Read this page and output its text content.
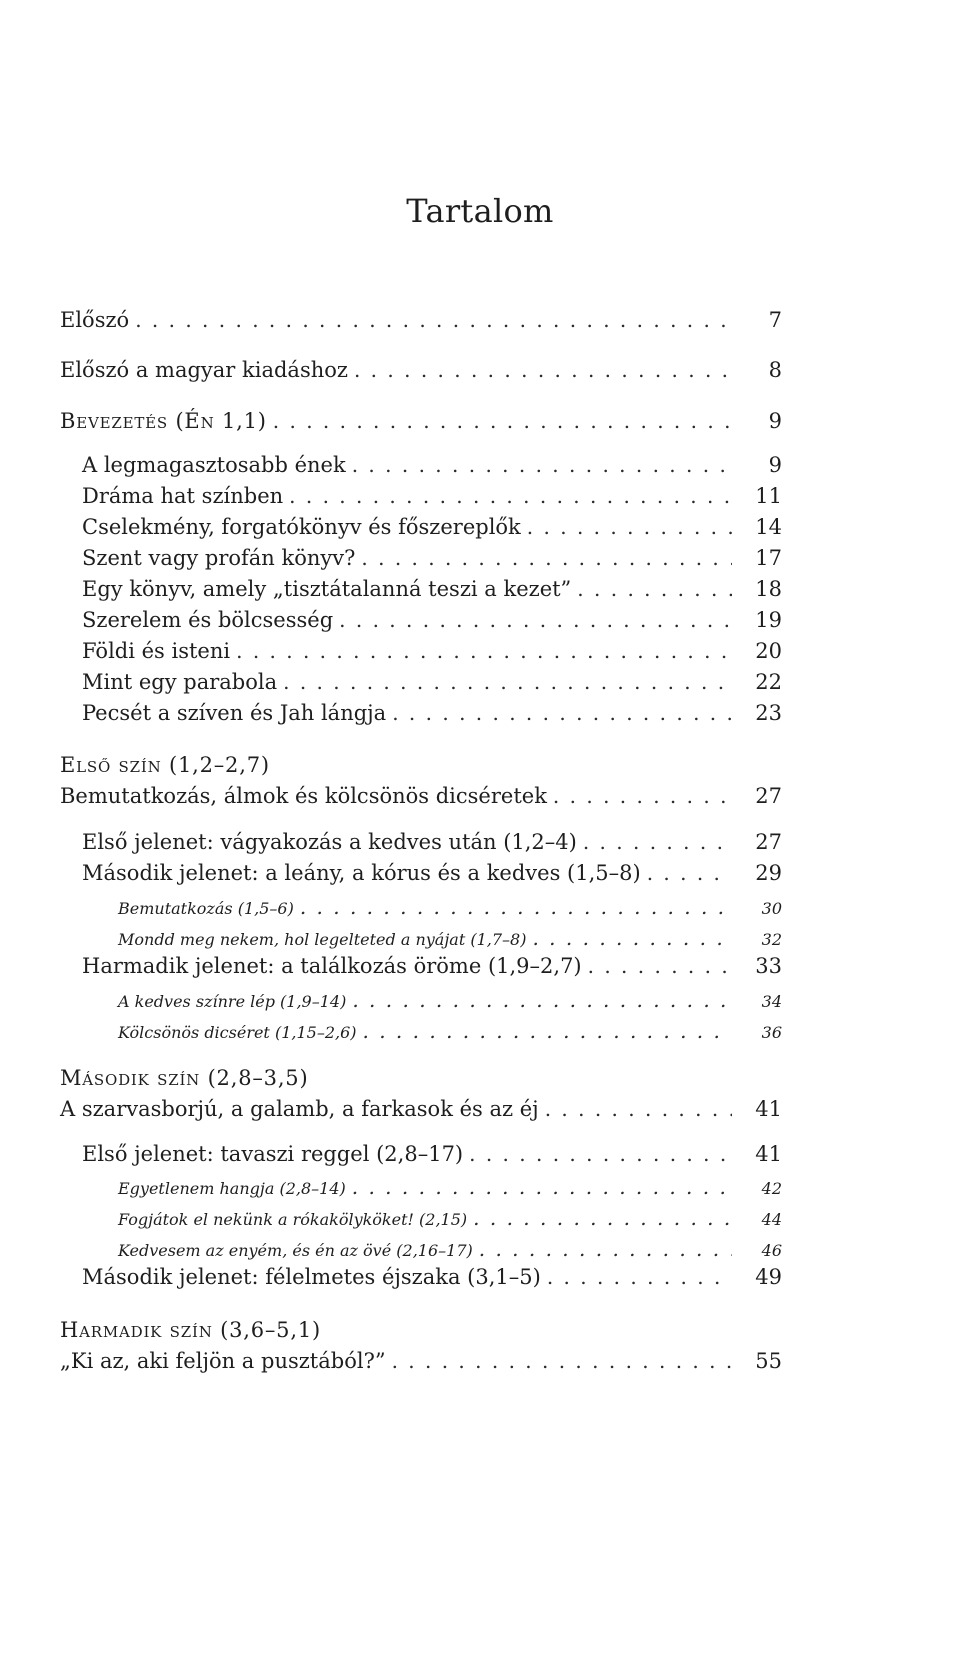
Tartalom
Előszó . . .	7
Előszó a magyar kiadáshoz . . .	8
Bevezetés (Én 1,1) . . .	9
A legmagasztosabb ének . . .	9
Dráma hat színben . . .	11
Cselekmény, forgatókönyv és főszereplők . . .	14
Szent vagy profán könyv? . . .	17
Egy könyv, amely „tisztátalanná teszi a kezet” . . .	18
Szerelem és bölcsesség . . .	19
Földi és isteni . . .	20
Mint egy parabola . . .	22
Pecsét a szíven és Jah lángja . . .	23
Első szín (1,2–2,7)
Bemutatkozás, álmok és kölcsönös dicséretek . . .	27
Első jelenet: vágyakozás a kedves után (1,2–4) . . .	27
Második jelenet: a leány, a kórus és a kedves (1,5–8) . . .	29
Bemutatkozás (1,5–6) . . .	30
Mondd meg nekem, hol legelteted a nyájat (1,7–8) . . .	32
Harmadik jelenet: a találkozás öröme (1,9–2,7) . . .	33
A kedves színre lép (1,9–14) . . .	34
Kölcsönös dicséret (1,15–2,6) . . .	36
Második szín (2,8–3,5)
A szarvasborjú, a galamb, a farkasok és az éj . . .	41
Első jelenet: tavaszi reggel (2,8–17) . . .	41
Egyetlenem hangja (2,8–14) . . .	42
Fogjátok el nekünk a rókakölyköket! (2,15) . . .	44
Kedvesem az enyém, és én az övé (2,16–17) . . .	46
Második jelenet: félelmetes éjszaka (3,1–5) . . .	49
Harmadik szín (3,6–5,1)
„Ki az, aki feljön a pusztából?” . . .	55
